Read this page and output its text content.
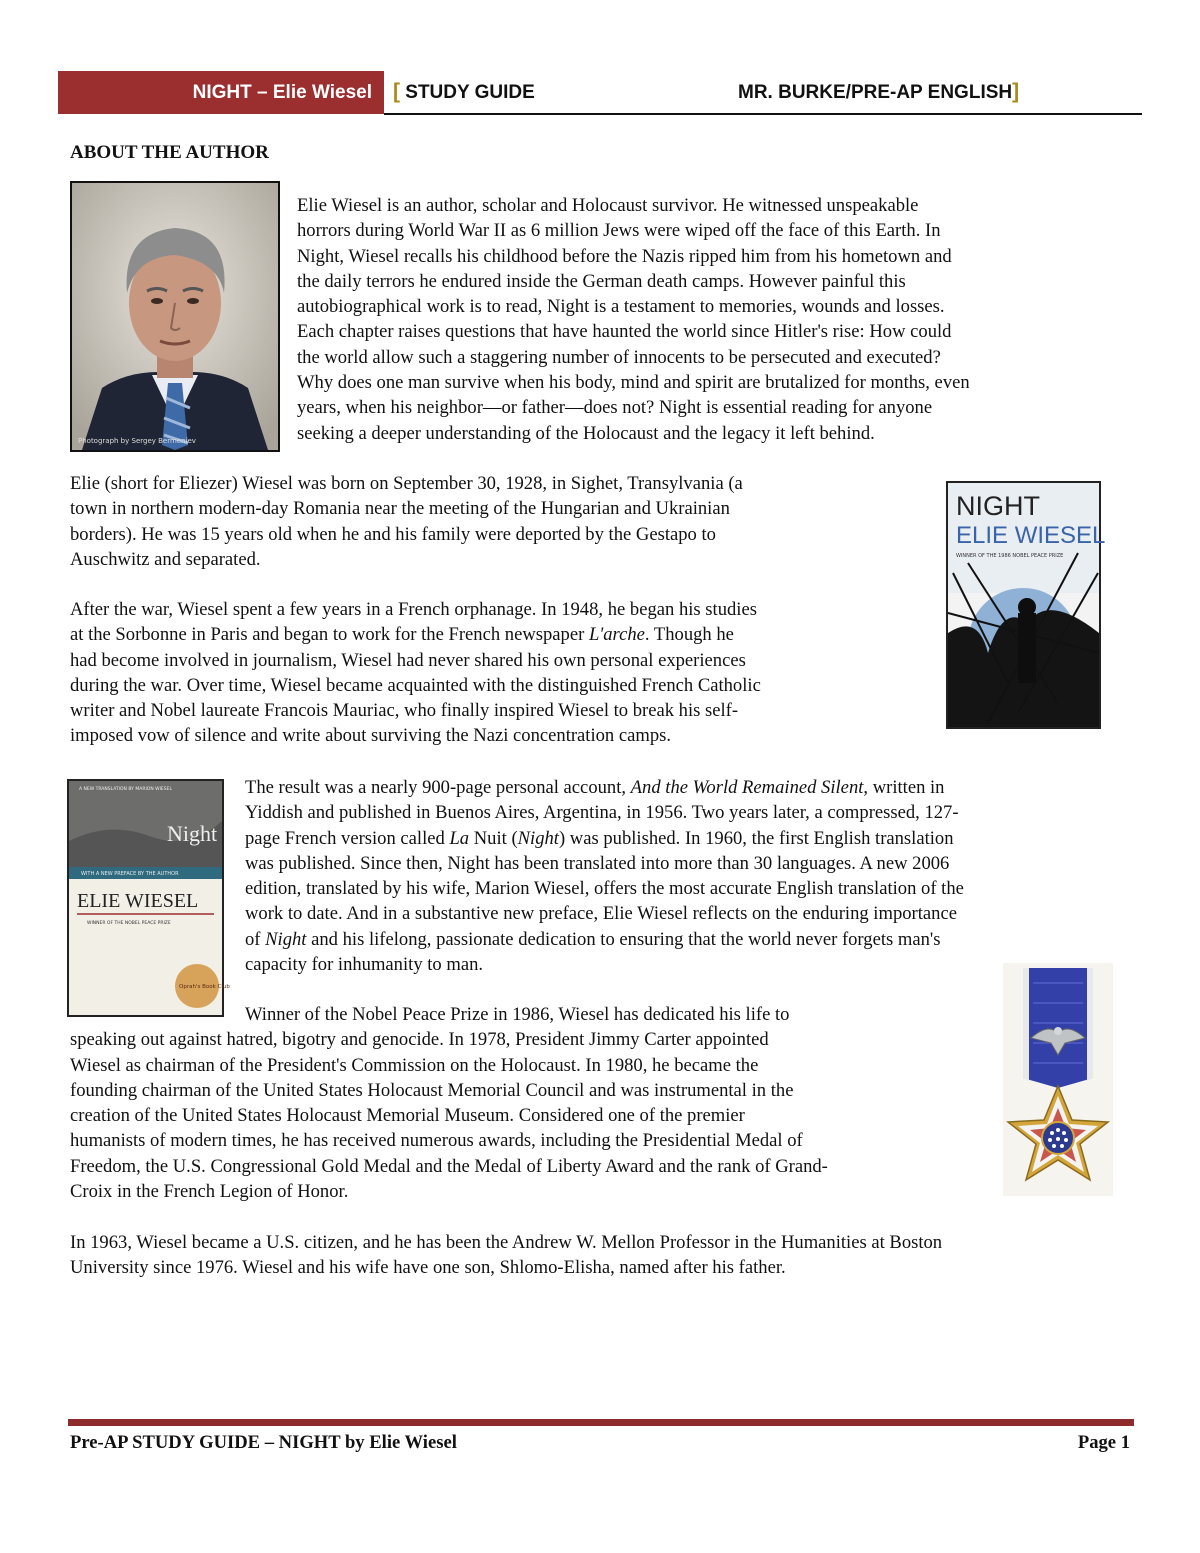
NIGHT – Elie Wiesel [ STUDY GUIDE	MR. BURKE/PRE-AP ENGLISH]
ABOUT THE AUTHOR
Photograph by Sergey Bermeniev
Elie Wiesel is an author, scholar and Holocaust survivor. He witnessed unspeakable
horrors during World War II as 6 million Jews were wiped off the face of this Earth. In
Night, Wiesel recalls his childhood before the Nazis ripped him from his hometown and
the daily terrors he endured inside the German death camps. However painful this
autobiographical work is to read, Night is a testament to memories, wounds and losses.
Each chapter raises questions that have haunted the world since Hitler's rise: How could
the world allow such a staggering number of innocents to be persecuted and executed?
Why does one man survive when his body, mind and spirit are brutalized for months, even
years, when his neighbor—or father—does not? Night is essential reading for anyone
seeking a deeper understanding of the Holocaust and the legacy it left behind.
NIGHT
ELIE WIESEL
WINNER OF THE 1986 NOBEL PEACE PRIZE
Elie (short for Eliezer) Wiesel was born on September 30, 1928, in Sighet, Transylvania (a
town in northern modern-day Romania near the meeting of the Hungarian and Ukrainian
borders). He was 15 years old when he and his family were deported by the Gestapo to
Auschwitz and separated.
After the war, Wiesel spent a few years in a French orphanage. In 1948, he began his studies
at the Sorbonne in Paris and began to work for the French newspaper L'arche. Though he
had become involved in journalism, Wiesel had never shared his own personal experiences
during the war. Over time, Wiesel became acquainted with the distinguished French Catholic
writer and Nobel laureate Francois Mauriac, who finally inspired Wiesel to break his self-
imposed vow of silence and write about surviving the Nazi concentration camps.
A NEW TRANSLATION BY MARION WIESEL
Night
WITH A NEW PREFACE BY THE AUTHOR
ELIE WIESEL
WINNER OF THE NOBEL PEACE PRIZE
Oprah's Book Club
The result was a nearly 900-page personal account, And the World Remained Silent, written in
Yiddish and published in Buenos Aires, Argentina, in 1956. Two years later, a compressed, 127-
page French version called La Nuit (Night) was published. In 1960, the first English translation
was published. Since then, Night has been translated into more than 30 languages. A new 2006
edition, translated by his wife, Marion Wiesel, offers the most accurate English translation of the
work to date. And in a substantive new preface, Elie Wiesel reflects on the enduring importance
of Night and his lifelong, passionate dedication to ensuring that the world never forgets man's
capacity for inhumanity to man.
Winner of the Nobel Peace Prize in 1986, Wiesel has dedicated his life to
speaking out against hatred, bigotry and genocide. In 1978, President Jimmy Carter appointed
Wiesel as chairman of the President's Commission on the Holocaust. In 1980, he became the
founding chairman of the United States Holocaust Memorial Council and was instrumental in the
creation of the United States Holocaust Memorial Museum. Considered one of the premier
humanists of modern times, he has received numerous awards, including the Presidential Medal of
Freedom, the U.S. Congressional Gold Medal and the Medal of Liberty Award and the rank of Grand-
Croix in the French Legion of Honor.
In 1963, Wiesel became a U.S. citizen, and he has been the Andrew W. Mellon Professor in the Humanities at Boston
University since 1976. Wiesel and his wife have one son, Shlomo-Elisha, named after his father.
Pre-AP STUDY GUIDE – NIGHT by Elie Wiesel	Page 1
